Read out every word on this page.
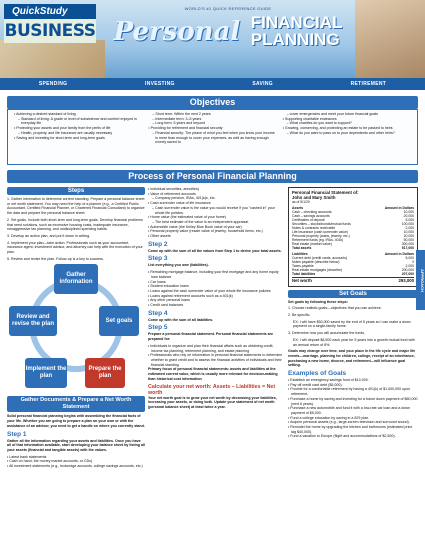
QuickStudy
BUSINESS
WORLD'S #1 QUICK REFERENCE GUIDE
Personal FINANCIAL
PLANNING
SPENDING	INVESTING	SAVING	RETIREMENT
Objectives
• Achieving a desired standard of living
– Standard of living: A grade or level of subsistence and comfort enjoyed in everyday life
• Protecting your assets and your family from the perils of life
– Health, property, and life insurance are usually necessary
• Saving and investing for short-term and long-term goals
– Short term: Within the next 2 years
– Intermediate term: 3–5 years
– Long term: 5 years and beyond
• Providing for retirement and financial security
– Financial security: The peace of mind you feel when you know your income is more than enough to cover your expenses, as well as having enough money saved to
– cover emergencies and meet your future financial goals
• Supporting charitable endeavors
– What charities do you want to support?
• Growing, conserving, and protecting an estate to be passed to heirs
– What do you want to pass on to your dependents and other heirs?
Process of Personal Financial Planning
Steps
1. Gather information to determine current standing. Prepare a personal balance sheet or net worth statement. You may need the help of a planner (e.g., a Certified Public Accountant, Certified Financial Planner, or Chartered Financial Consultant) to organize the data and prepare the personal balance sheet.
2. Set goals. Include both short-term and long-term goals. Develop financial problems that need solutions, such as excessive housing costs, inadequate insurance, nonaggressive tax planning, and undisciplined spending habits.
3. Develop an action plan, and put it down in writing.
4. Implement your plan—take action. Professionals such as your accountant, insurance agent, investment advisor, and attorney can help with the execution of your plan.
5. Review and revise the plan. Follow-up is a key to success.
Gather information
Set goals
Prepare the plan
Implement the plan
Review and revise the plan
Gather Documents & Prepare a Net Worth Statement
Solid personal financial planning begins with assembling the financial facts of your life. Whether you are going to prepare a plan on your own or with the assistance of an advisor, you need to get a handle on where you currently stand.
Step 1
Gather all the information regarding your assets and liabilities. Once you have all of that information available, start developing your balance sheet by listing all your assets (financial and tangible assets) with the values.
• Latest bank statements
• Cash on hand, the money market accounts, or CDs)
• All investment statements (e.g., brokerage accounts, college savings accounts, etc.)
• individual securities, annuities)
• Value of retirement accounts
– Company pension, IRAs, 401(k)s, etc.
• Cash surrender value of life insurance
– Cash surrender value is the value you would receive if you "cashed in" your whole life policies.
• Home value (the estimated value of your home)
– The best estimate of the value is an independent appraisal.
• Automobile value (the Kelley Blue Book value of your car)
• Personal property value (resale value of jewelry, household items, etc.)
• Other assets
Step 2
Come up with the sum of all the values from Step 1 to derive your total assets.
Step 3
List everything you owe (liabilities).
• Remaining mortgage balance, including your first mortgage and any home equity loan balance
• Car loans
• Student education loans
• Loans against the cash surrender value of your whole life insurance policies
• Loans against retirement accounts such as a 401(k)
• Any other personal loans
• Credit card balances
Step 4
Come up with the sum of all liabilities.
Step 5
Prepare a personal financial statement. Personal financial statements are prepared for:
• Individuals to organize and plan their financial affairs such as obtaining credit, income tax planning, retirement planning, and estate planning
• Professionals who rely on information in personal financial statements to determine whether to grant credit and to assess the financial activities of individuals and their financial standing
Primary focus of personal financial statements: assets and liabilities at the estimated current value, which is usually more relevant for decision-making than historical cost information
Calculate your net worth: Assets – Liabilities = Net worth
Your net worth goal is to grow your net worth by decreasing your liabilities, increasing your assets, or doing both. Update your statement of net worth (personal balance sheet) at least twice a year.
Personal Financial Statement of:
John and Mary Smith
as of 5/1/20
Assets	Amount in Dollars
Cash – checking accounts	10,000
Cash – savings accounts	20,000
Certificates of deposit	5,000
Securities – stocks/bonds/mutual funds	100,000
Notes & contracts receivable	2,000
Life insurance (cash surrender value)	10,000
Personal property (autos, jewelry, etc.)	20,000
Retirement funds (eg. IRAs, 401k)	50,000
Real estate (market value)	300,000
Total assets	517,000
Liabilities	Amount in Dollars
Current debt (credit cards, accounts)	5,000
Notes payable (describe below)	0
Taxes payable	2,000
Real estate mortgages (describe)	200,000
Total liabilities	207,000
Net worth	293,000
Set Goals
Set goals by following these steps:
1. Choose realistic goals—objectives that you can achieve.
2. Be specific.
EX: I will have $50,000 saved by the end of 5 years so I can make a down payment on a single-family home.
3. Determine how you will accumulate the funds.
EX: I will deposit $8,500 each year for 5 years into a growth mutual fund with an annual return of 8%.
Goals may change over time, and your place in the life cycle and major life events—marriage, planning for children, college, receipt of an inheritance, purchasing a new home, divorce, and retirement—will influence goal setting.
Examples of Goals
• Establish an emergency savings fund of $10,000.
• Pay off credit card debt ($5,000).
• Provide for a comfortable retirement by having a 401(k) of $1,000,000 upon retirement.
• Purchase a home by saving and investing for a future down payment of $60,000 (next 6 years).
• Purchase a new automobile and fund it with a low-rate car loan and a down payment of $5,000.
• Fund a college education by saving in a 529 plan.
• Acquire personal assets (e.g., large-screen television and surround sound).
• Remodel the home by upgrading the kitchen and bathrooms (estimated price tag $40,000).
• Fund a vacation to Europe (flight and accommodations of $2,500).
APPROACH
